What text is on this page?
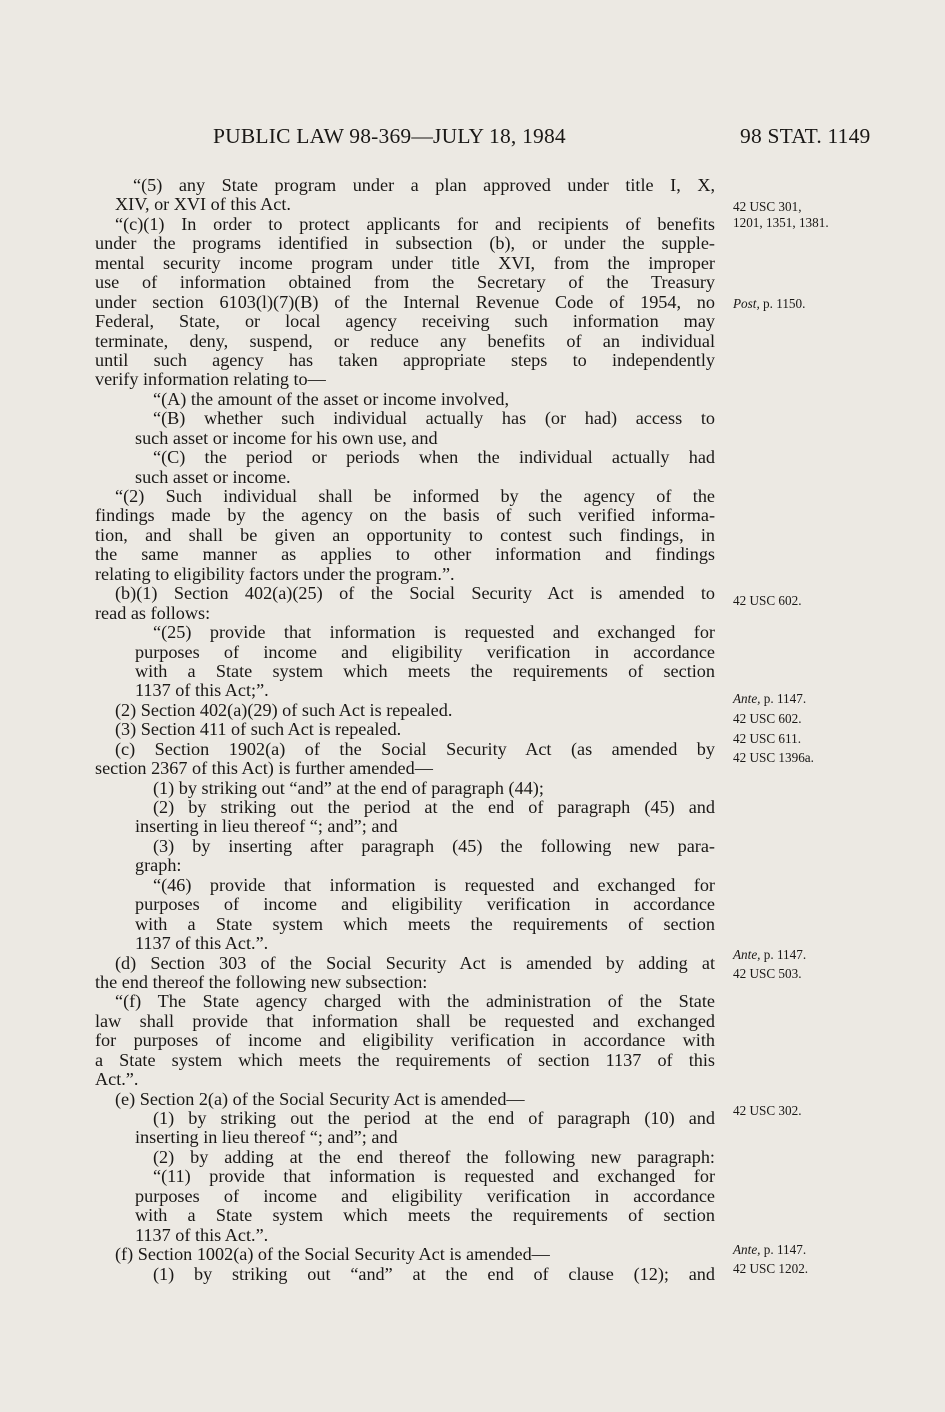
PUBLIC LAW 98-369—JULY 18, 1984	98 STAT. 1149
“(5) any State program under a plan approved under title I, X,
XIV, or XVI of this Act.
“(c)(1) In order to protect applicants for and recipients of benefits
under the programs identified in subsection (b), or under the supple-
mental security income program under title XVI, from the improper
use of information obtained from the Secretary of the Treasury
under section 6103(l)(7)(B) of the Internal Revenue Code of 1954, no
Federal, State, or local agency receiving such information may
terminate, deny, suspend, or reduce any benefits of an individual
until such agency has taken appropriate steps to independently
verify information relating to—
“(A) the amount of the asset or income involved,
“(B) whether such individual actually has (or had) access to
such asset or income for his own use, and
“(C) the period or periods when the individual actually had
such asset or income.
“(2) Such individual shall be informed by the agency of the
findings made by the agency on the basis of such verified informa-
tion, and shall be given an opportunity to contest such findings, in
the same manner as applies to other information and findings
relating to eligibility factors under the program.”.
(b)(1) Section 402(a)(25) of the Social Security Act is amended to
read as follows:
“(25) provide that information is requested and exchanged for
purposes of income and eligibility verification in accordance
with a State system which meets the requirements of section
1137 of this Act;”.
(2) Section 402(a)(29) of such Act is repealed.
(3) Section 411 of such Act is repealed.
(c) Section 1902(a) of the Social Security Act (as amended by
section 2367 of this Act) is further amended—
(1) by striking out “and” at the end of paragraph (44);
(2) by striking out the period at the end of paragraph (45) and
inserting in lieu thereof “; and”; and
(3) by inserting after paragraph (45) the following new para-
graph:
“(46) provide that information is requested and exchanged for
purposes of income and eligibility verification in accordance
with a State system which meets the requirements of section
1137 of this Act.”.
(d) Section 303 of the Social Security Act is amended by adding at
the end thereof the following new subsection:
“(f) The State agency charged with the administration of the State
law shall provide that information shall be requested and exchanged
for purposes of income and eligibility verification in accordance with
a State system which meets the requirements of section 1137 of this
Act.”.
(e) Section 2(a) of the Social Security Act is amended—
(1) by striking out the period at the end of paragraph (10) and
inserting in lieu thereof “; and”; and
(2) by adding at the end thereof the following new paragraph:
“(11) provide that information is requested and exchanged for
purposes of income and eligibility verification in accordance
with a State system which meets the requirements of section
1137 of this Act.”.
(f) Section 1002(a) of the Social Security Act is amended—
(1) by striking out “and” at the end of clause (12); and
42 USC 301,
1201, 1351, 1381.
Post, p. 1150.
42 USC 602.
Ante, p. 1147.
42 USC 602.
42 USC 611.
42 USC 1396a.
Ante, p. 1147.
42 USC 503.
42 USC 302.
Ante, p. 1147.
42 USC 1202.
